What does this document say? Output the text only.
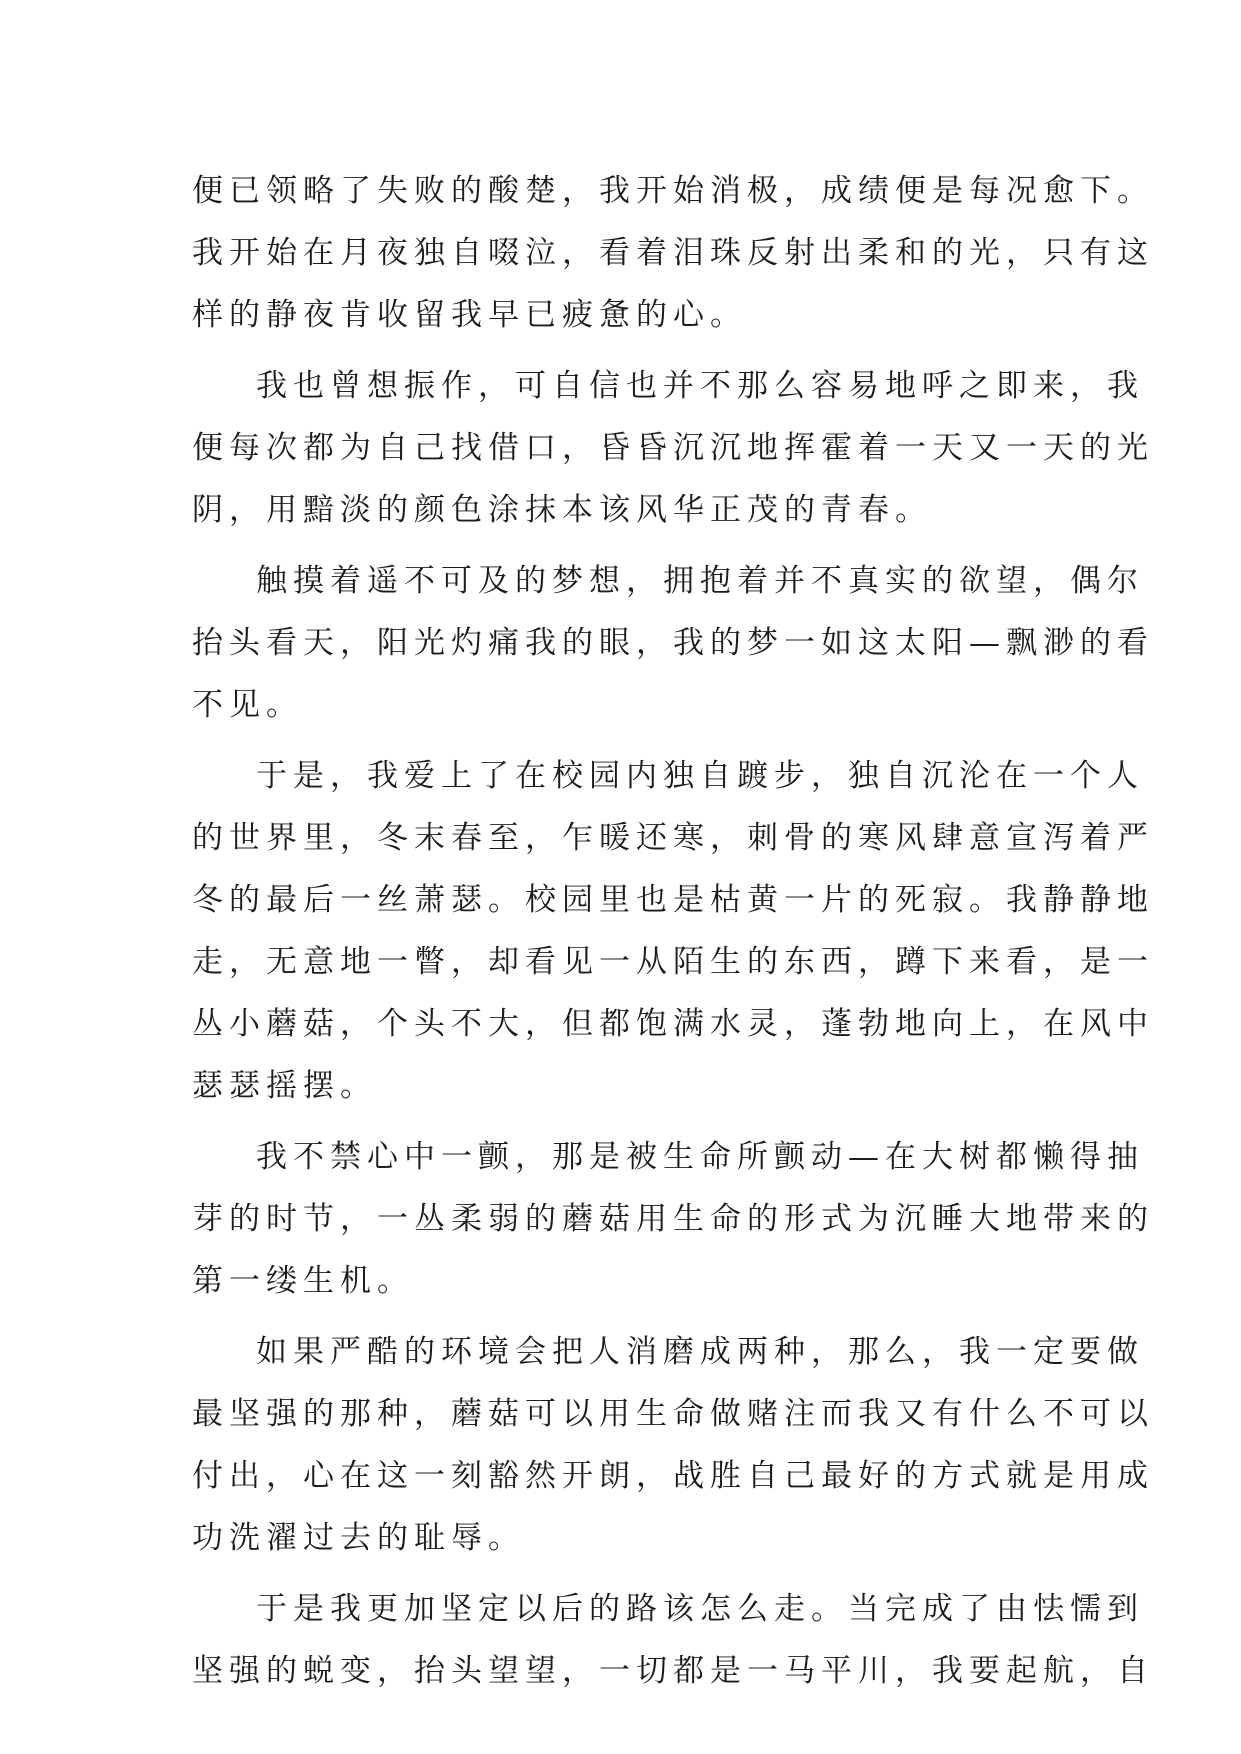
便已领略了失败的酸楚，我开始消极，成绩便是每况愈下。
我开始在月夜独自啜泣，看着泪珠反射出柔和的光，只有这
样的静夜肯收留我早已疲惫的心。
我也曾想振作，可自信也并不那么容易地呼之即来，我
便每次都为自己找借口，昏昏沉沉地挥霍着一天又一天的光
阴，用黯淡的颜色涂抹本该风华正茂的青春。
触摸着遥不可及的梦想，拥抱着并不真实的欲望，偶尔
抬头看天，阳光灼痛我的眼，我的梦一如这太阳—飘渺的看
不见。
于是，我爱上了在校园内独自踱步，独自沉沦在一个人
的世界里，冬末春至，乍暖还寒，刺骨的寒风肆意宣泻着严
冬的最后一丝萧瑟。校园里也是枯黄一片的死寂。我静静地
走，无意地一瞥，却看见一从陌生的东西，蹲下来看，是一
丛小蘑菇，个头不大，但都饱满水灵，蓬勃地向上，在风中
瑟瑟摇摆。
我不禁心中一颤，那是被生命所颤动—在大树都懒得抽
芽的时节，一丛柔弱的蘑菇用生命的形式为沉睡大地带来的
第一缕生机。
如果严酷的环境会把人消磨成两种，那么，我一定要做
最坚强的那种，蘑菇可以用生命做赌注而我又有什么不可以
付出，心在这一刻豁然开朗，战胜自己最好的方式就是用成
功洗濯过去的耻辱。
于是我更加坚定以后的路该怎么走。当完成了由怯懦到
坚强的蜕变，抬头望望，一切都是一马平川，我要起航，自
